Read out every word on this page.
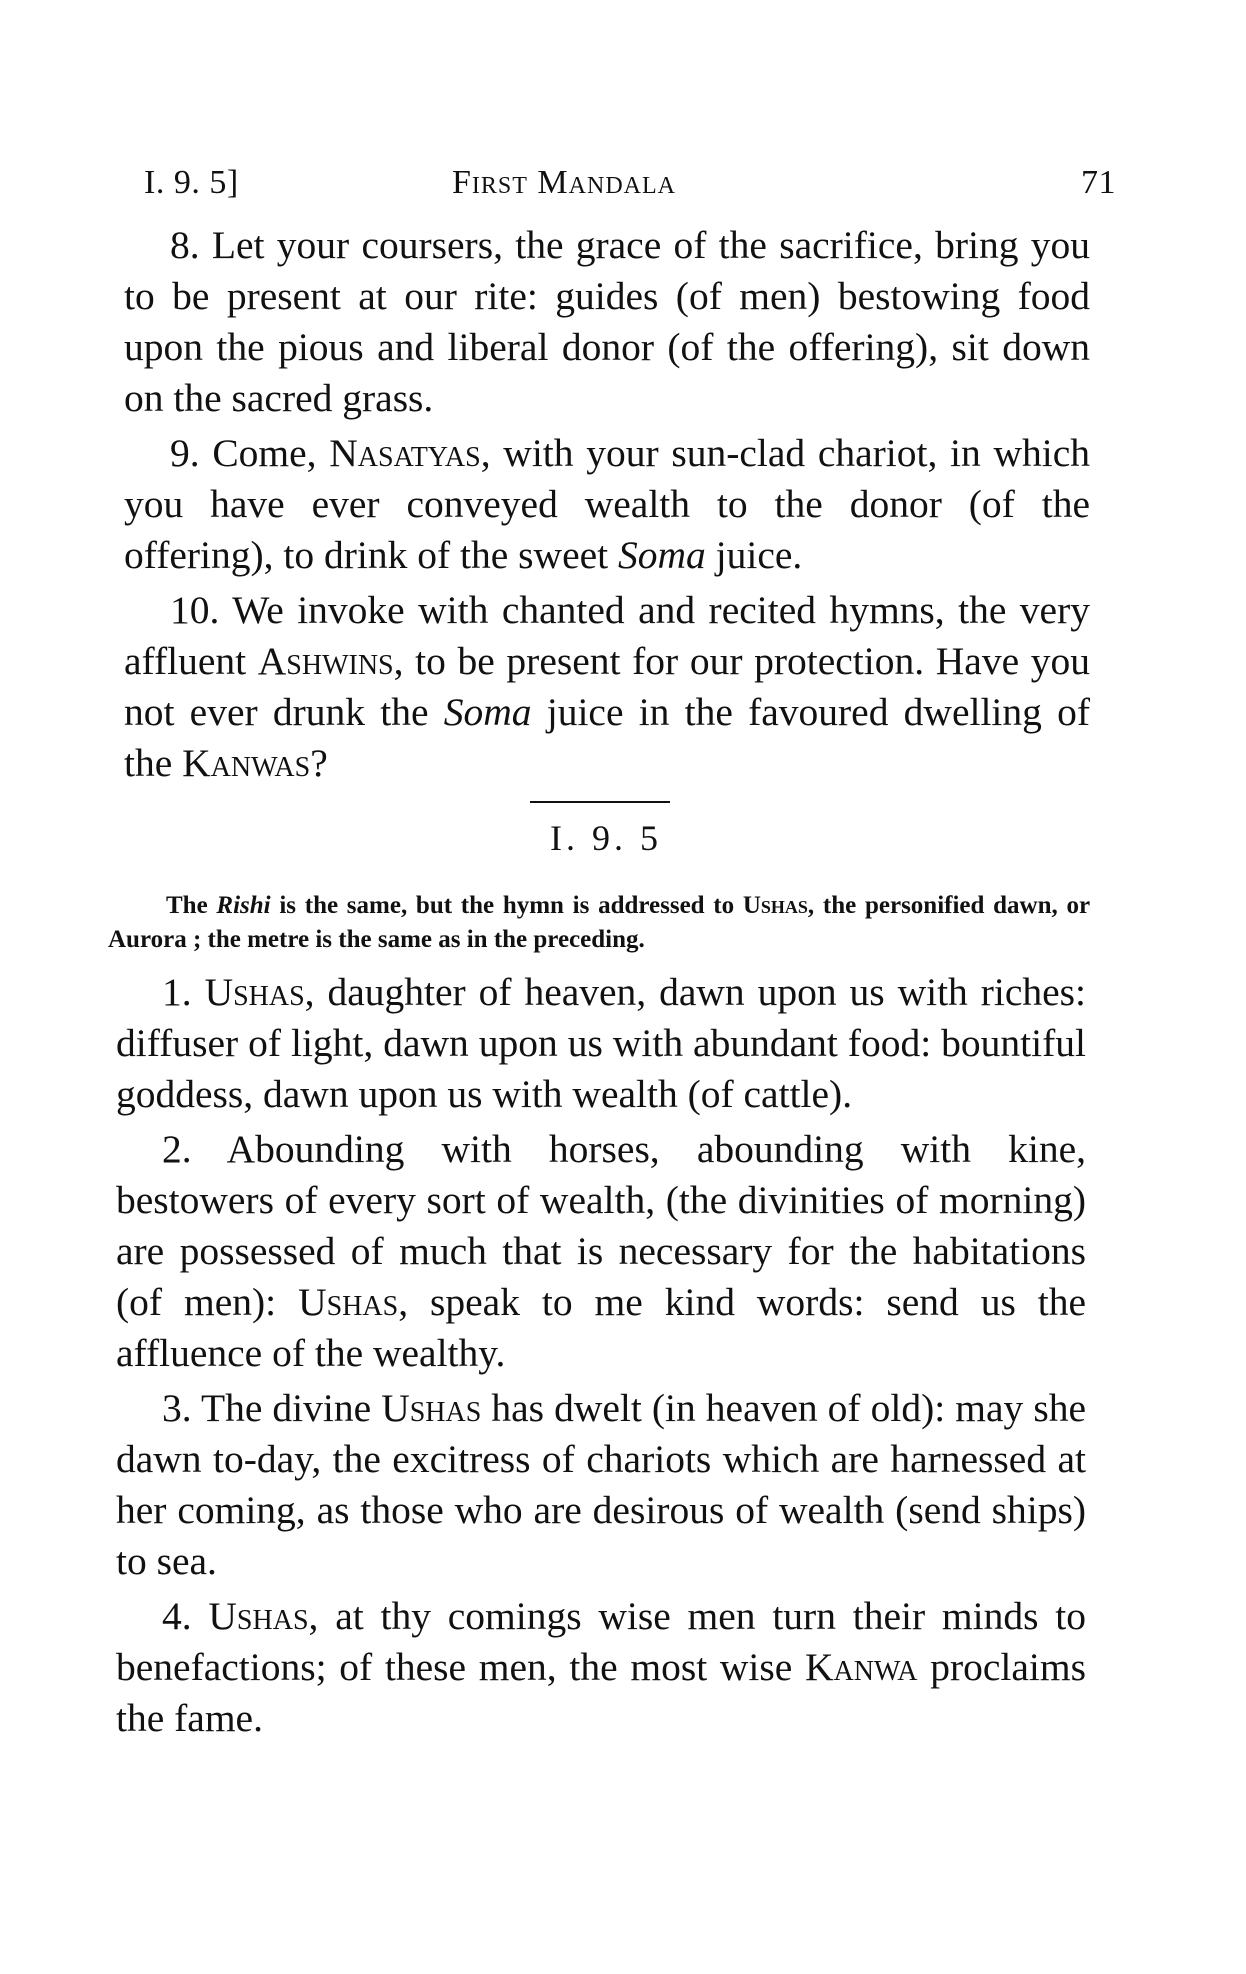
I. 9. 5]	First Mandala	71

8. Let your coursers, the grace of the sacrifice, bring you to be present at our rite: guides (of men) bestowing food upon the pious and liberal donor (of the offering), sit down on the sacred grass.

9. Come, Nasatyas, with your sun-clad chariot, in which you have ever conveyed wealth to the donor (of the offering), to drink of the sweet Soma juice.

10. We invoke with chanted and recited hymns, the very affluent Ashwins, to be present for our protection. Have you not ever drunk the Soma juice in the favoured dwelling of the Kanwas?

I. 9. 5

The Rishi is the same, but the hymn is addressed to Ushas, the personified dawn, or Aurora ; the metre is the same as in the preceding.

1. Ushas, daughter of heaven, dawn upon us with riches: diffuser of light, dawn upon us with abundant food: bountiful goddess, dawn upon us with wealth (of cattle).

2. Abounding with horses, abounding with kine, bestowers of every sort of wealth, (the divinities of morning) are possessed of much that is necessary for the habitations (of men): Ushas, speak to me kind words: send us the affluence of the wealthy.

3. The divine Ushas has dwelt (in heaven of old): may she dawn to-day, the excitress of chariots which are harnessed at her coming, as those who are desirous of wealth (send ships) to sea.

4. Ushas, at thy comings wise men turn their minds to benefactions; of these men, the most wise Kanwa proclaims the fame.
